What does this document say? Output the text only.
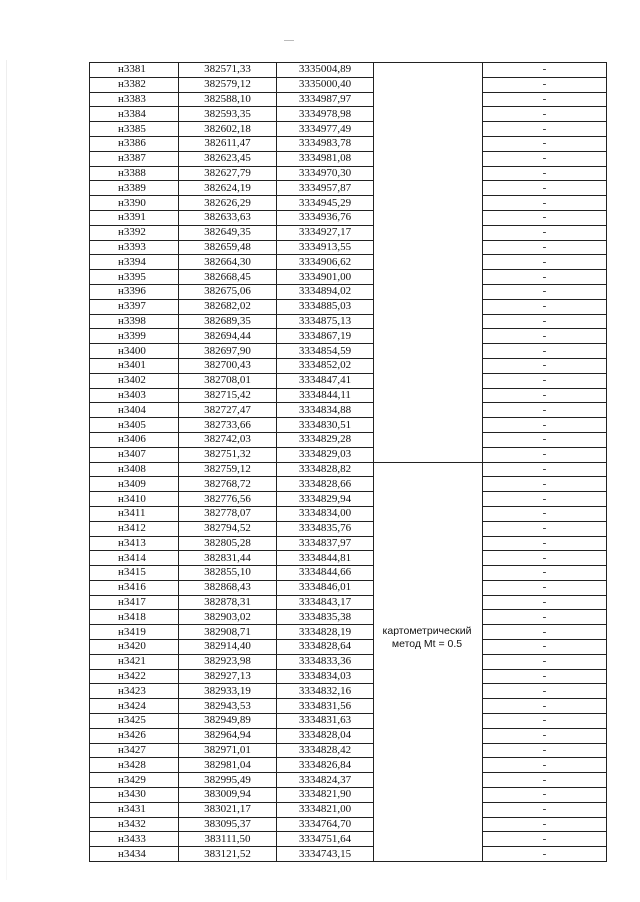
н3381	382571,33	3335004,89		-
н3382	382579,12	3335000,40		-
н3383	382588,10	3334987,97		-
н3384	382593,35	3334978,98		-
н3385	382602,18	3334977,49		-
н3386	382611,47	3334983,78		-
н3387	382623,45	3334981,08		-
н3388	382627,79	3334970,30		-
н3389	382624,19	3334957,87		-
н3390	382626,29	3334945,29		-
н3391	382633,63	3334936,76		-
н3392	382649,35	3334927,17		-
н3393	382659,48	3334913,55		-
н3394	382664,30	3334906,62		-
н3395	382668,45	3334901,00		-
н3396	382675,06	3334894,02		-
н3397	382682,02	3334885,03		-
н3398	382689,35	3334875,13		-
н3399	382694,44	3334867,19		-
н3400	382697,90	3334854,59		-
н3401	382700,43	3334852,02		-
н3402	382708,01	3334847,41		-
н3403	382715,42	3334844,11		-
н3404	382727,47	3334834,88		-
н3405	382733,66	3334830,51		-
н3406	382742,03	3334829,28		-
н3407	382751,32	3334829,03		-
н3408	382759,12	3334828,82		-
н3409	382768,72	3334828,66		-
н3410	382776,56	3334829,94		-
н3411	382778,07	3334834,00		-
н3412	382794,52	3334835,76		-
н3413	382805,28	3334837,97		-
н3414	382831,44	3334844,81		-
н3415	382855,10	3334844,66		-
н3416	382868,43	3334846,01		-
н3417	382878,31	3334843,17		-
н3418	382903,02	3334835,38		-
н3419	382908,71	3334828,19		-
н3420	382914,40	3334828,64		-
н3421	382923,98	3334833,36		-
н3422	382927,13	3334834,03		-
н3423	382933,19	3334832,16		-
н3424	382943,53	3334831,56		-
н3425	382949,89	3334831,63		-
н3426	382964,94	3334828,04		-
н3427	382971,01	3334828,42		-
н3428	382981,04	3334826,84		-
н3429	382995,49	3334824,37		-
н3430	383009,94	3334821,90		-
н3431	383021,17	3334821,00		-
н3432	383095,37	3334764,70		-
н3433	383111,50	3334751,64		-
н3434	383121,52	3334743,15		-
картометрический
метод Mt = 0.5
